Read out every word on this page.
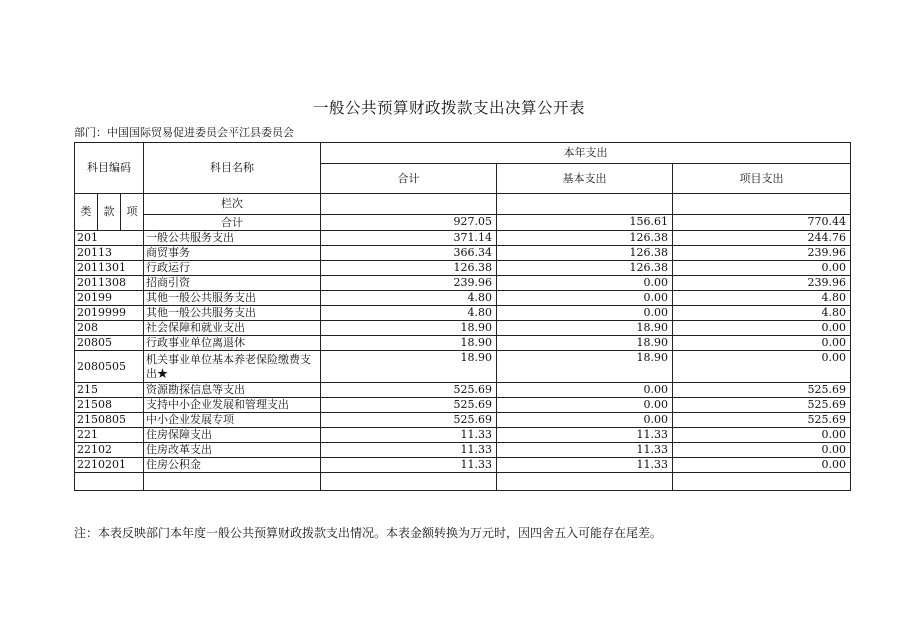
一般公共预算财政拨款支出决算公开表
部门：中国国际贸易促进委员会平江县委员会
科目编码			科目名称	本年支出		
				合计	基本支出	项目支出
类	款	项	栏次			
			合计	927.05	156.61	770.44
201			一般公共服务支出	371.14	126.38	244.76
20113			商贸事务	366.34	126.38	239.96
2011301			行政运行	126.38	126.38	0.00
2011308			招商引资	239.96	0.00	239.96
20199			其他一般公共服务支出	4.80	0.00	4.80
2019999			其他一般公共服务支出	4.80	0.00	4.80
208			社会保障和就业支出	18.90	18.90	0.00
20805			行政事业单位离退休	18.90	18.90	0.00
2080505			机关事业单位基本养老保险缴费支出★	18.90	18.90	0.00
215			资源勘探信息等支出	525.69	0.00	525.69
21508			支持中小企业发展和管理支出	525.69	0.00	525.69
2150805			中小企业发展专项	525.69	0.00	525.69
221			住房保障支出	11.33	11.33	0.00
22102			住房改革支出	11.33	11.33	0.00
2210201			住房公积金	11.33	11.33	0.00

注：本表反映部门本年度一般公共预算财政拨款支出情况。本表金额转换为万元时，因四舍五入可能存在尾差。
